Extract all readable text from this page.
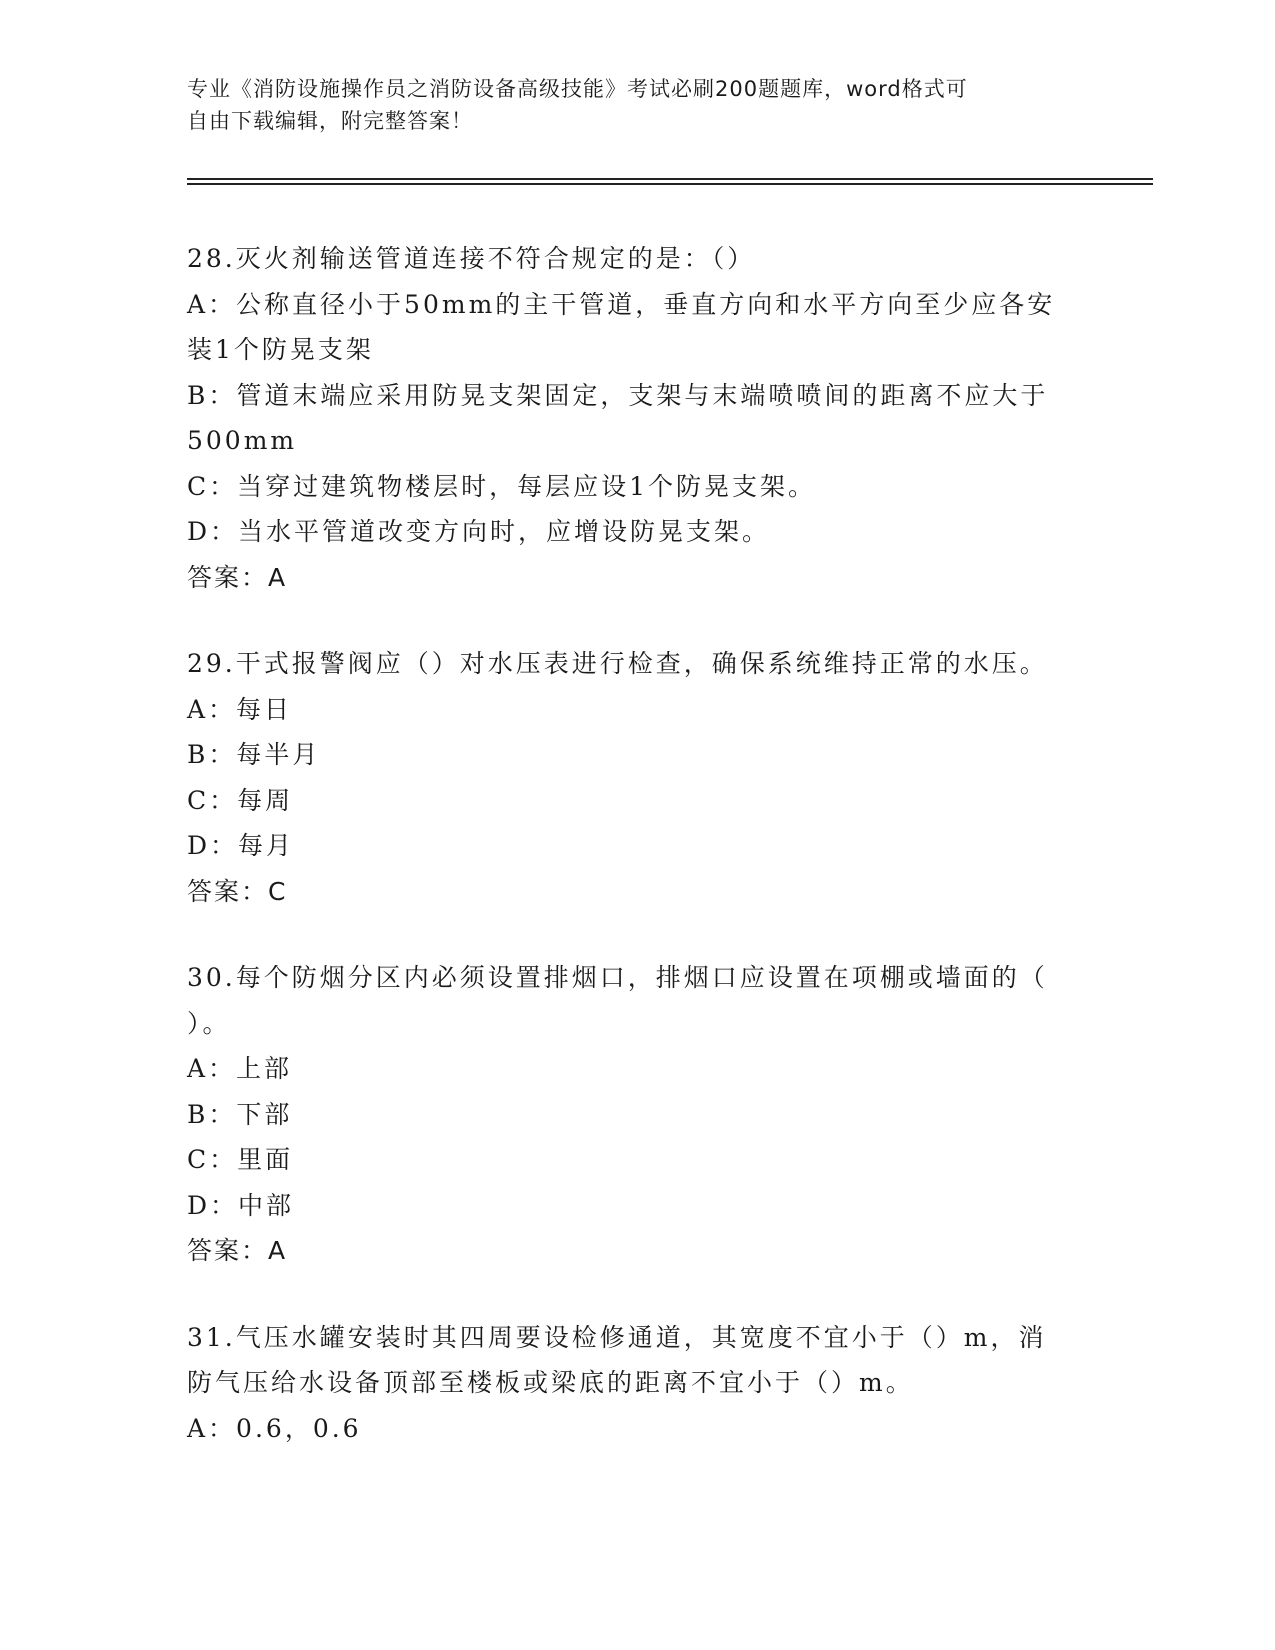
专业《消防设施操作员之消防设备高级技能》考试必刷200题题库，word格式可
自由下载编辑，附完整答案！
28.灭火剂输送管道连接不符合规定的是：（）
A：公称直径小于50mm的主干管道，垂直方向和水平方向至少应各安
装1个防晃支架
B：管道末端应采用防晃支架固定，支架与末端喷喷间的距离不应大于
500mm
C：当穿过建筑物楼层时，每层应设1个防晃支架。
D：当水平管道改变方向时，应增设防晃支架。
答案：A
29.干式报警阀应（）对水压表进行检查，确保系统维持正常的水压。
A：每日
B：每半月
C：每周
D：每月
答案：C
30.每个防烟分区内必须设置排烟口，排烟口应设置在项棚或墙面的（
）。
A：上部
B：下部
C：里面
D：中部
答案：A
31.气压水罐安装时其四周要设检修通道，其宽度不宜小于（）m，消
防气压给水设备顶部至楼板或梁底的距离不宜小于（）m。
A：0.6，0.6
